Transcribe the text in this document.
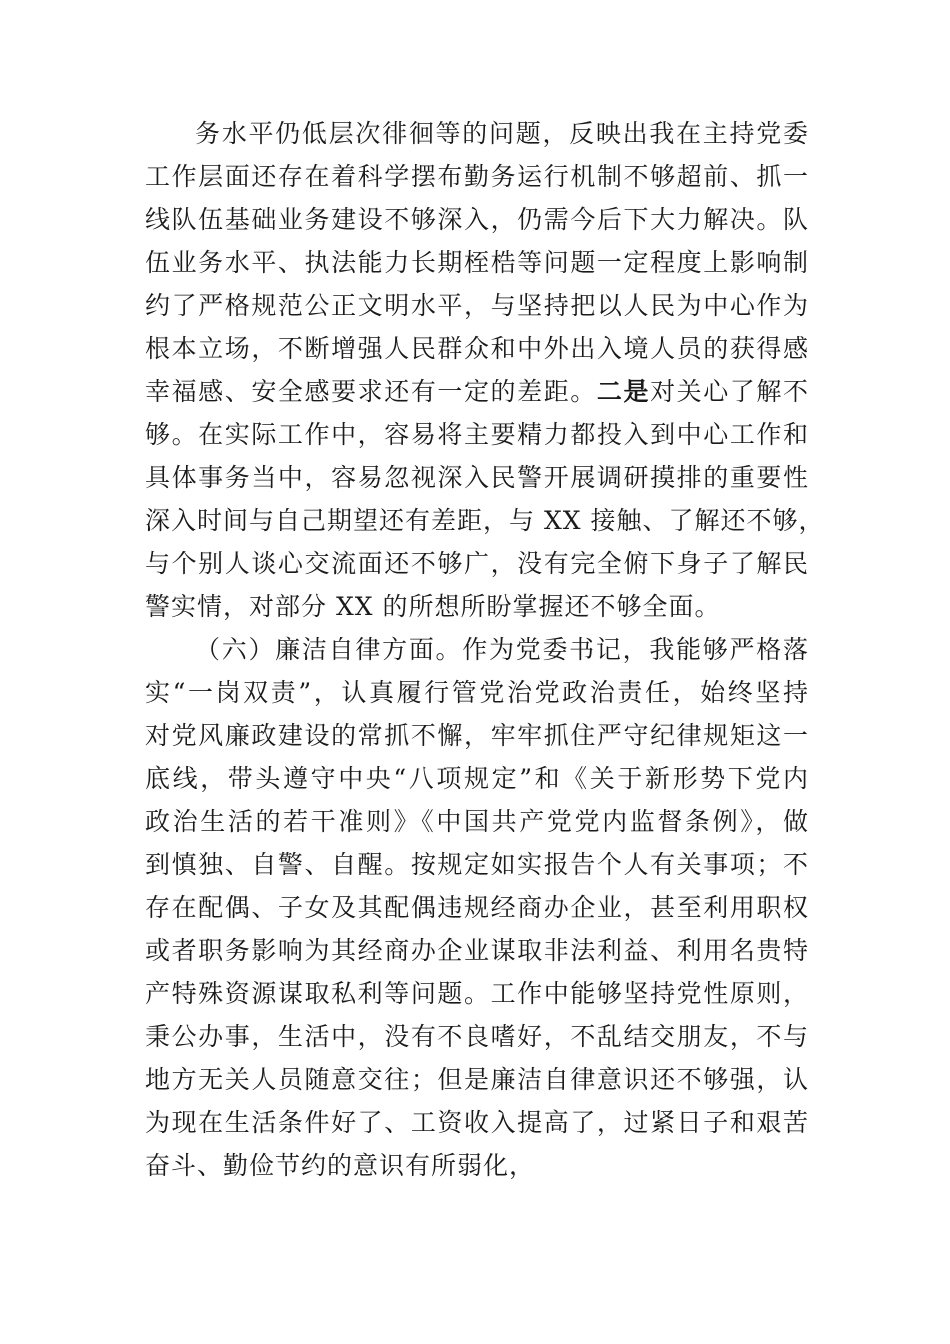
务水平仍低层次徘徊等的问题，反映出我在主持党委
工作层面还存在着科学摆布勤务运行机制不够超前、抓一
线队伍基础业务建设不够深入，仍需今后下大力解决。队
伍业务水平、执法能力长期桎梏等问题一定程度上影响制
约了严格规范公正文明水平，与坚持把以人民为中心作为
根本立场，不断增强人民群众和中外出入境人员的获得感
幸福感、安全感要求还有一定的差距。二是对关心了解不
够。在实际工作中，容易将主要精力都投入到中心工作和
具体事务当中，容易忽视深入民警开展调研摸排的重要性
深入时间与自己期望还有差距，与 XX 接触、了解还不够，
与个别人谈心交流面还不够广，没有完全俯下身子了解民
警实情，对部分 XX 的所想所盼掌握还不够全面。
（六）廉洁自律方面。作为党委书记，我能够严格落
实“一岗双责”，认真履行管党治党政治责任，始终坚持
对党风廉政建设的常抓不懈，牢牢抓住严守纪律规矩这一
底线，带头遵守中央“八项规定”和《关于新形势下党内
政治生活的若干准则》《中国共产党党内监督条例》，做
到慎独、自警、自醒。按规定如实报告个人有关事项；不
存在配偶、子女及其配偶违规经商办企业，甚至利用职权
或者职务影响为其经商办企业谋取非法利益、利用名贵特
产特殊资源谋取私利等问题。工作中能够坚持党性原则，
秉公办事，生活中，没有不良嗜好，不乱结交朋友，不与
地方无关人员随意交往；但是廉洁自律意识还不够强，认
为现在生活条件好了、工资收入提高了，过紧日子和艰苦
奋斗、勤俭节约的意识有所弱化，
